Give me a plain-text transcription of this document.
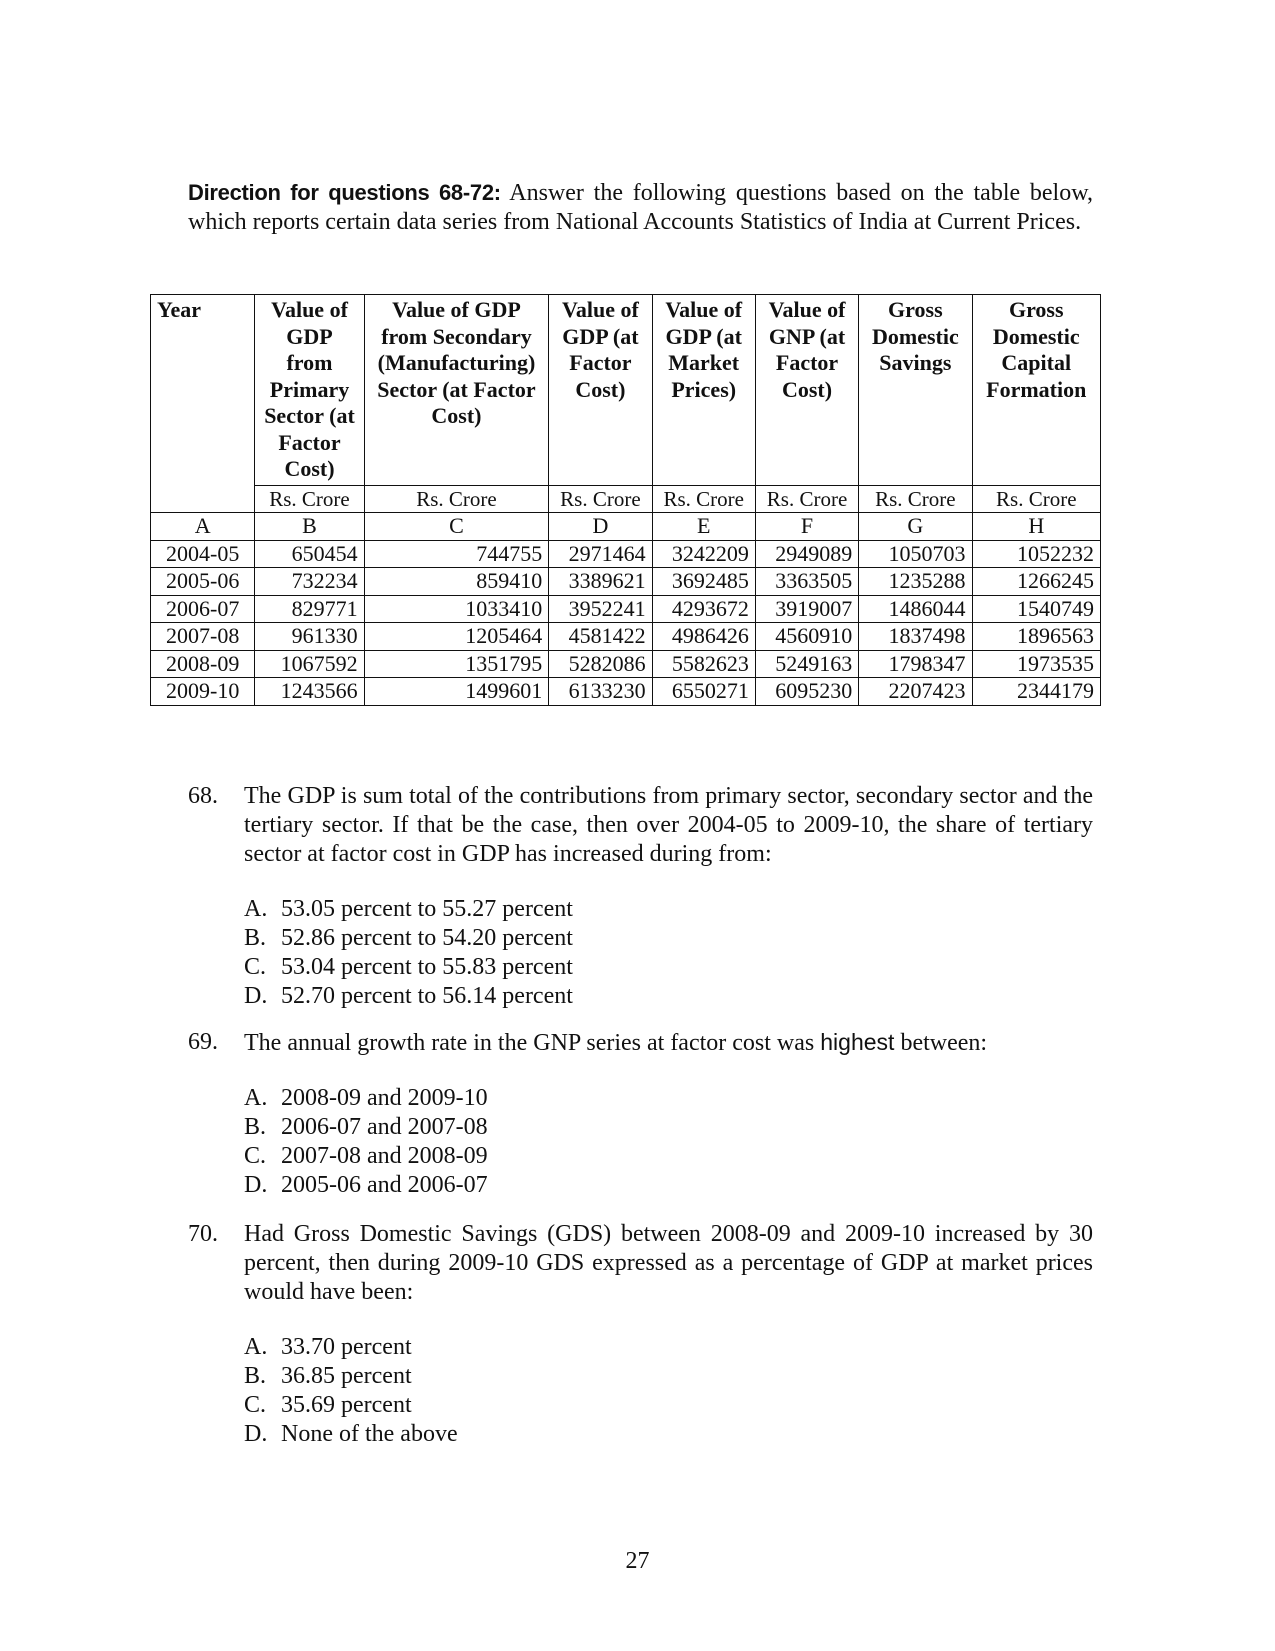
Direction for questions 68-72: Answer the following questions based on the table below, which reports certain data series from National Accounts Statistics of India at Current Prices.
Year	Value of GDP from Primary Sector (at Factor Cost)	Value of GDP from Secondary (Manufacturing) Sector (at Factor Cost)	Value of GDP (at Factor Cost)	Value of GDP (at Market Prices)	Value of GNP (at Factor Cost)	Gross Domestic Savings	Gross Domestic Capital Formation
	Rs. Crore	Rs. Crore	Rs. Crore	Rs. Crore	Rs. Crore	Rs. Crore	Rs. Crore
A	B	C	D	E	F	G	H
2004-05	650454	744755	2971464	3242209	2949089	1050703	1052232
2005-06	732234	859410	3389621	3692485	3363505	1235288	1266245
2006-07	829771	1033410	3952241	4293672	3919007	1486044	1540749
2007-08	961330	1205464	4581422	4986426	4560910	1837498	1896563
2008-09	1067592	1351795	5282086	5582623	5249163	1798347	1973535
2009-10	1243566	1499601	6133230	6550271	6095230	2207423	2344179
68. The GDP is sum total of the contributions from primary sector, secondary sector and the tertiary sector. If that be the case, then over 2004-05 to 2009-10, the share of tertiary sector at factor cost in GDP has increased during from:
A. 53.05 percent to 55.27 percent
B. 52.86 percent to 54.20 percent
C. 53.04 percent to 55.83 percent
D. 52.70 percent to 56.14 percent
69. The annual growth rate in the GNP series at factor cost was highest between:
A. 2008-09 and 2009-10
B. 2006-07 and 2007-08
C. 2007-08 and 2008-09
D. 2005-06 and 2006-07
70. Had Gross Domestic Savings (GDS) between 2008-09 and 2009-10 increased by 30 percent, then during 2009-10 GDS expressed as a percentage of GDP at market prices would have been:
A. 33.70 percent
B. 36.85 percent
C. 35.69 percent
D. None of the above
27
